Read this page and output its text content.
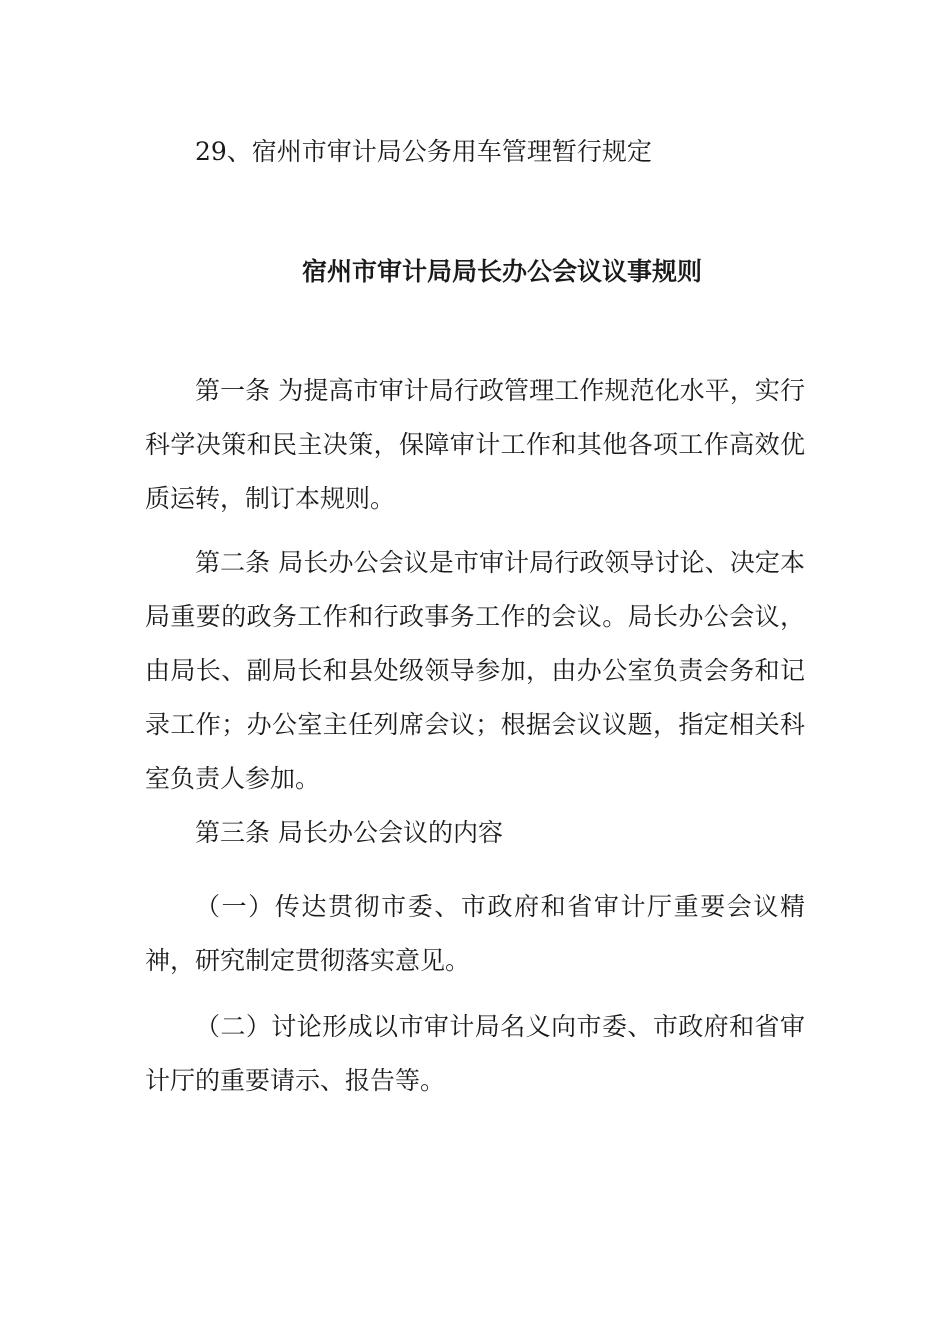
29、宿州市审计局公务用车管理暂行规定
宿州市审计局局长办公会议议事规则
第一条 为提高市审计局行政管理工作规范化水平，实行科学决策和民主决策，保障审计工作和其他各项工作高效优质运转，制订本规则。
第二条 局长办公会议是市审计局行政领导讨论、决定本局重要的政务工作和行政事务工作的会议。局长办公会议，由局长、副局长和县处级领导参加，由办公室负责会务和记录工作；办公室主任列席会议；根据会议议题，指定相关科室负责人参加。
第三条 局长办公会议的内容
（一）传达贯彻市委、市政府和省审计厅重要会议精神，研究制定贯彻落实意见。
（二）讨论形成以市审计局名义向市委、市政府和省审计厅的重要请示、报告等。
